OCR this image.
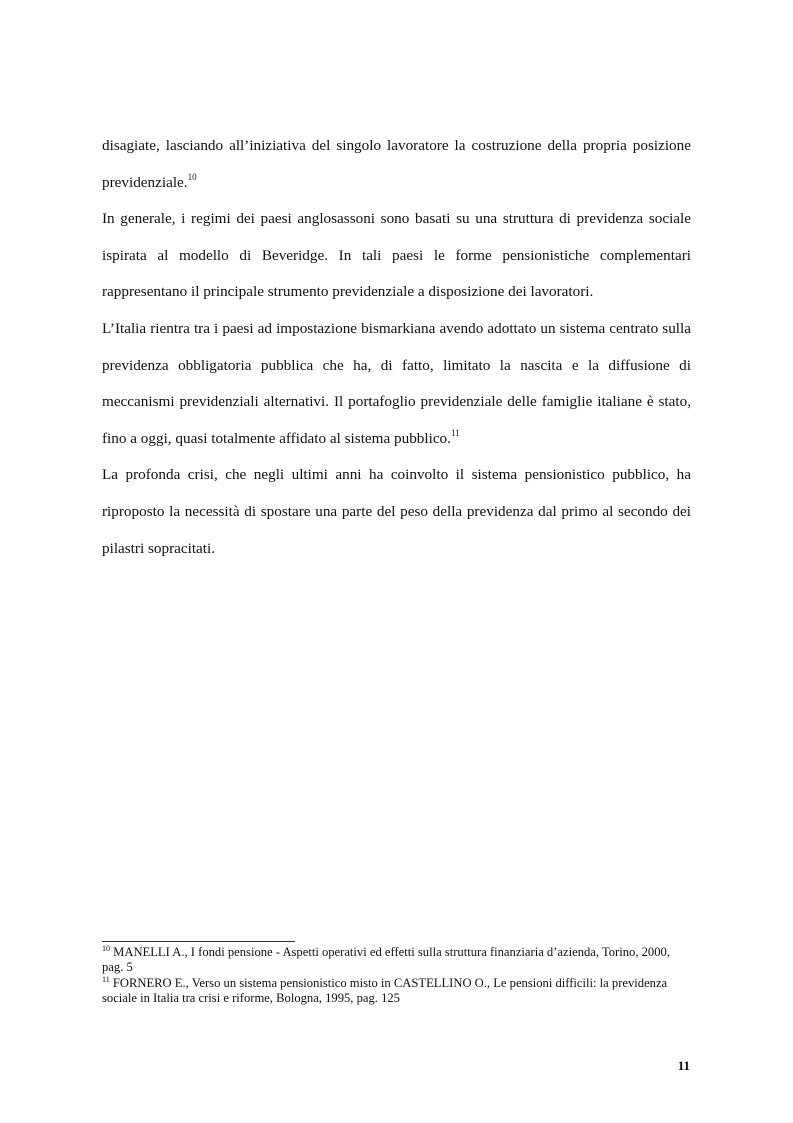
disagiate, lasciando all’iniziativa del singolo lavoratore la costruzione della propria posizione previdenziale.$^{10}$

In generale, i regimi dei paesi anglosassoni sono basati su una struttura di previdenza sociale ispirata al modello di Beveridge. In tali paesi le forme pensionistiche complementari rappresentano il principale strumento previdenziale a disposizione dei lavoratori.

L’Italia rientra tra i paesi ad impostazione bismarkiana avendo adottato un sistema centrato sulla previdenza obbligatoria pubblica che ha, di fatto, limitato la nascita e la diffusione di meccanismi previdenziali alternativi. Il portafoglio previdenziale delle famiglie italiane è stato, fino a oggi, quasi totalmente affidato al sistema pubblico.$^{11}$

La profonda crisi, che negli ultimi anni ha coinvolto il sistema pensionistico pubblico, ha riproposto la necessità di spostare una parte del peso della previdenza dal primo al secondo dei pilastri sopracitati.

$^{10}$ MANELLI A., I fondi pensione - Aspetti operativi ed effetti sulla struttura finanziaria d’azienda, Torino, 2000, pag. 5

$^{11}$ FORNERO E., Verso un sistema pensionistico misto in CASTELLINO O., Le pensioni difficili: la previdenza sociale in Italia tra crisi e riforme, Bologna, 1995, pag. 125

11
